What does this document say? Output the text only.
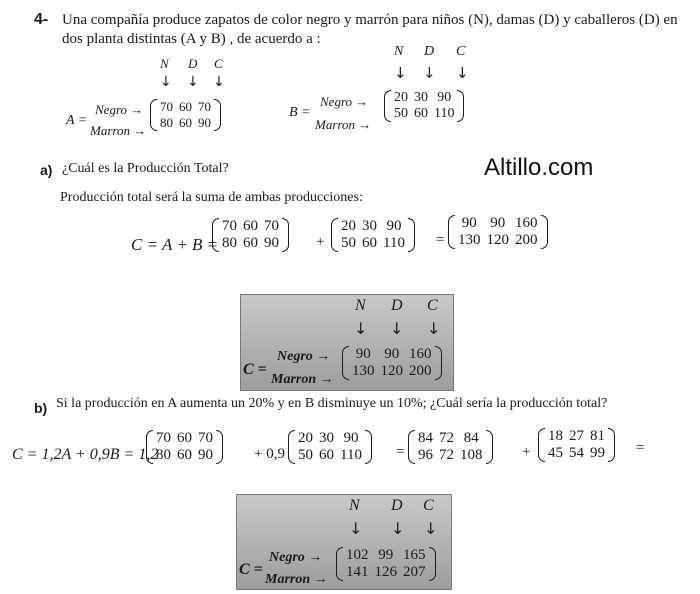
4- Una compañía produce zapatos de color negro y marrón para niños (N), damas (D) y caballeros (D) en
dos planta distintas (A y B) , de acuerdo a :
N D C
↓ ↓ ↓
A =
Negro →
Marron →
70	60	70
80	60	90
N D C
↓ ↓ ↓
B =
Negro →
Marron →
20	30	90
50	60	110
Altillo.com
a) ¿Cuál es la Producción Total?
Producción total será la suma de ambas producciones:
C = A + B =
70	60	70
80	60	90 +
20	30	90
50	60	110 =
90	90	160
130	120	200
N D C
↓ ↓ ↓
C =
Negro →
Marron →
90	90	160
130	120	200
b) Si la producción en A aumenta un 20% y en B disminuye un 10%; ¿Cuál sería la producción total?
C = 1,2A + 0,9B = 1,2
70	60	70
80	60	90	+ 0,9
20	30	90
50	60	110 =
84	72	84
96	72	108	+
18	27	81
45	54	99 =
N D C
↓ ↓ ↓
C =
Negro →
Marron →
102	99	165
141	126	207
